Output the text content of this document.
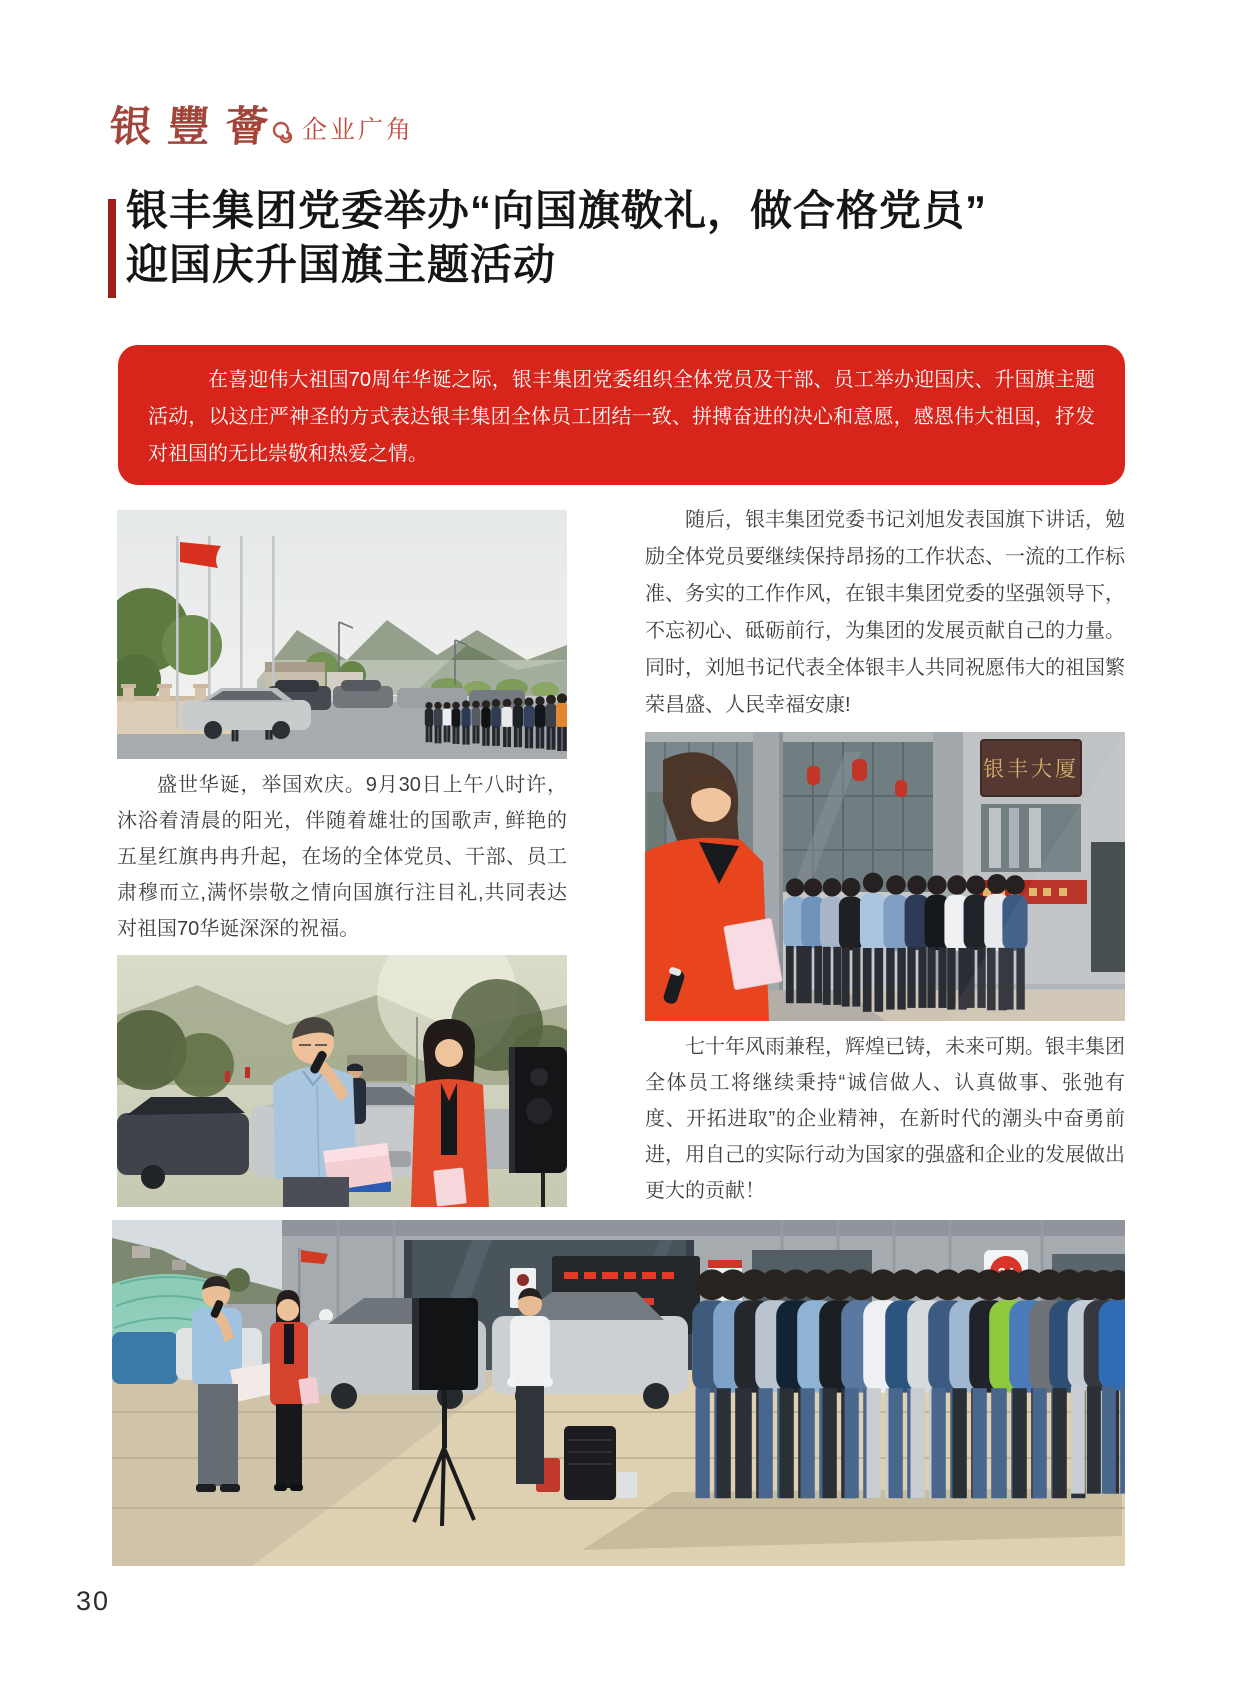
银豐薈 企业广角
银丰集团党委举办“向国旗敬礼，做合格党员”
迎国庆升国旗主题活动

在喜迎伟大祖国70周年华诞之际，银丰集团党委组织全体党员及干部、员工举办迎国庆、升国旗主题活动，以这庄严神圣的方式表达银丰集团全体员工团结一致、拼搏奋进的决心和意愿，感恩伟大祖国，抒发对祖国的无比崇敬和热爱之情。

盛世华诞，举国欢庆。9月30日上午八时许，沐浴着清晨的阳光，伴随着雄壮的国歌声, 鲜艳的五星红旗冉冉升起，在场的全体党员、干部、员工肃穆而立,满怀崇敬之情向国旗行注目礼,共同表达对祖国70华诞深深的祝福。

随后，银丰集团党委书记刘旭发表国旗下讲话，勉励全体党员要继续保持昂扬的工作状态、一流的工作标准、务实的工作作风，在银丰集团党委的坚强领导下，不忘初心、砥砺前行，为集团的发展贡献自己的力量。同时，刘旭书记代表全体银丰人共同祝愿伟大的祖国繁荣昌盛、人民幸福安康!

银丰大厦

七十年风雨兼程，辉煌已铸，未来可期。银丰集团全体员工将继续秉持“诚信做人、认真做事、张弛有度、开拓进取”的企业精神，在新时代的潮头中奋勇前进，用自己的实际行动为国家的强盛和企业的发展做出更大的贡献！

30
